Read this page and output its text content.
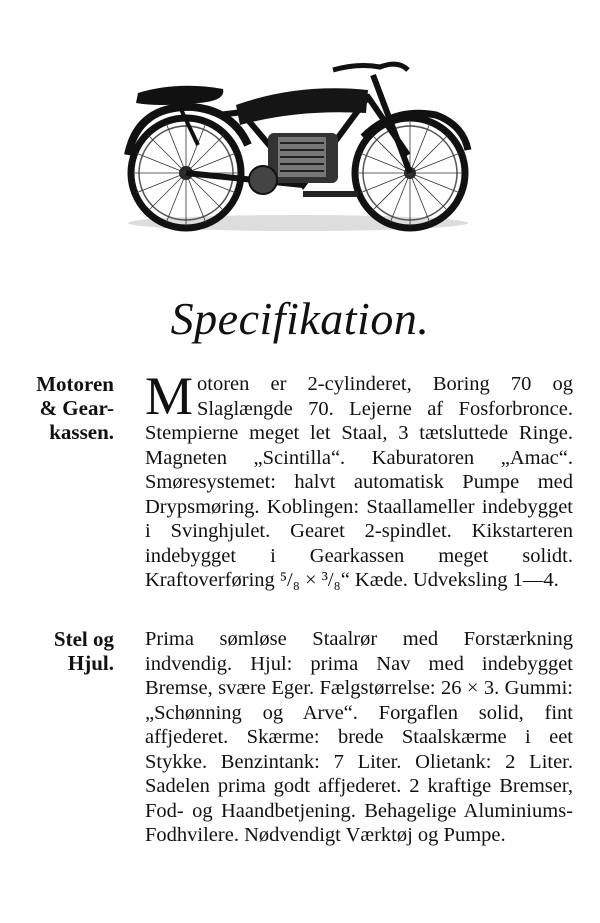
Specifikation.
Motoren
& Gear-
kassen.
M otoren er 2-cylinderet, Boring 70 og Slaglængde 70. Lejerne af Fosforbronce. Stempierne meget let Staal, 3 tætsluttede Ringe. Magneten „Scintilla“. Kaburatoren „Amac“. Smøresystemet: halvt automatisk Pumpe med Drypsmøring. Koblingen: Staallameller indebygget i Svinghjulet. Gearet 2-spindlet. Kikstarteren indebygget i Gearkassen meget solidt. Kraftoverføring ⁵/₈ × ³/₈“ Kæde. Udveksling 1—4.
Stel og
Hjul.
Prima sømløse Staalrør med Forstærkning indvendig. Hjul: prima Nav med indebygget Bremse, svære Eger. Fælgstørrelse: 26 × 3. Gummi: „Schønning og Arve“. Forgaflen solid, fint affjederet. Skærme: brede Staalskærme i eet Stykke. Benzintank: 7 Liter. Olietank: 2 Liter. Sadelen prima godt affjederet. 2 kraftige Bremser, Fod- og Haandbetjening. Behagelige Aluminiums-Fodhvilere. Nødvendigt Værktøj og Pumpe.
